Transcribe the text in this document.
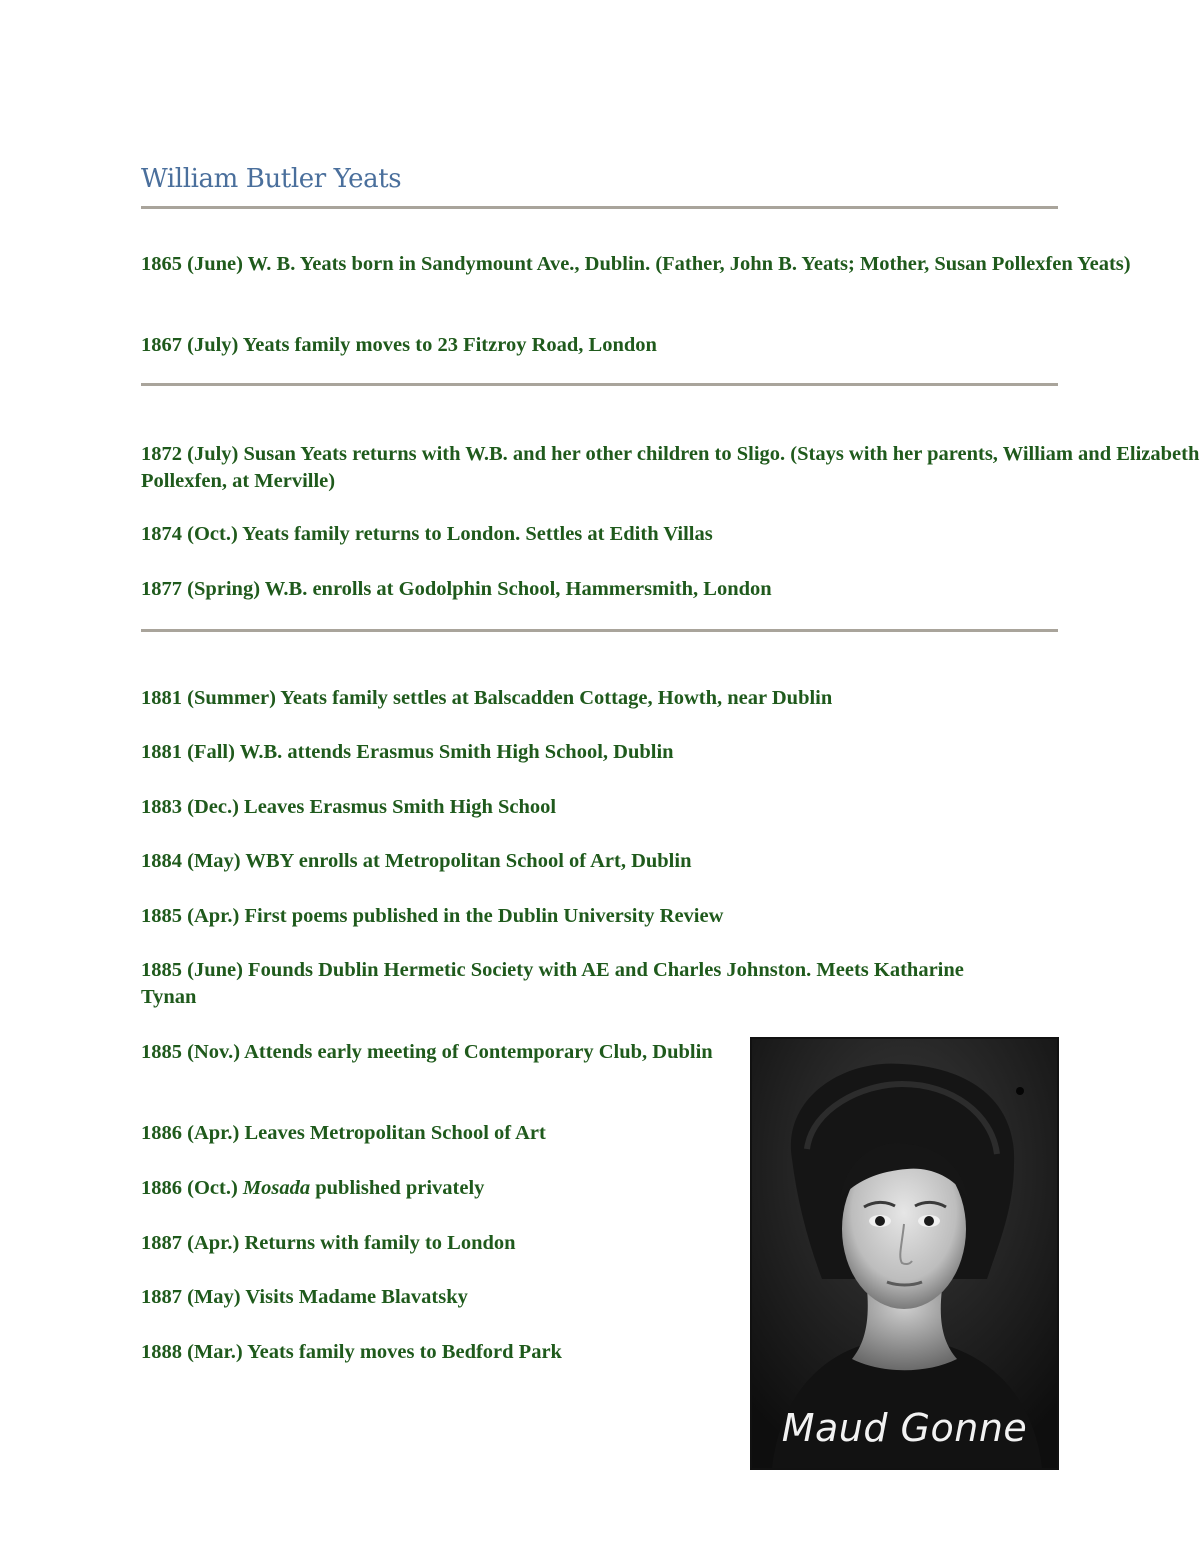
William Butler Yeats

1865 (June) W. B. Yeats born in Sandymount Ave., Dublin. (Father, John B. Yeats; Mother, Susan Pollexfen Yeats)

1867 (July) Yeats family moves to 23 Fitzroy Road, London

1872 (July) Susan Yeats returns with W.B. and her other children to Sligo. (Stays with her parents, William and Elizabeth Pollexfen, at Merville)

1874 (Oct.) Yeats family returns to London. Settles at Edith Villas

1877 (Spring) W.B. enrolls at Godolphin School, Hammersmith, London

1881 (Summer) Yeats family settles at Balscadden Cottage, Howth, near Dublin

1881 (Fall) W.B. attends Erasmus Smith High School, Dublin

1883 (Dec.) Leaves Erasmus Smith High School

1884 (May) WBY enrolls at Metropolitan School of Art, Dublin

1885 (Apr.) First poems published in the Dublin University Review

1885 (June) Founds Dublin Hermetic Society with AE and Charles Johnston. Meets Katharine Tynan

1885 (Nov.) Attends early meeting of Contemporary Club, Dublin

1886 (Apr.) Leaves Metropolitan School of Art

1886 (Oct.) Mosada published privately

1887 (Apr.) Returns with family to London

1887 (May) Visits Madame Blavatsky

1888 (Mar.) Yeats family moves to Bedford Park

Maud Gonne
